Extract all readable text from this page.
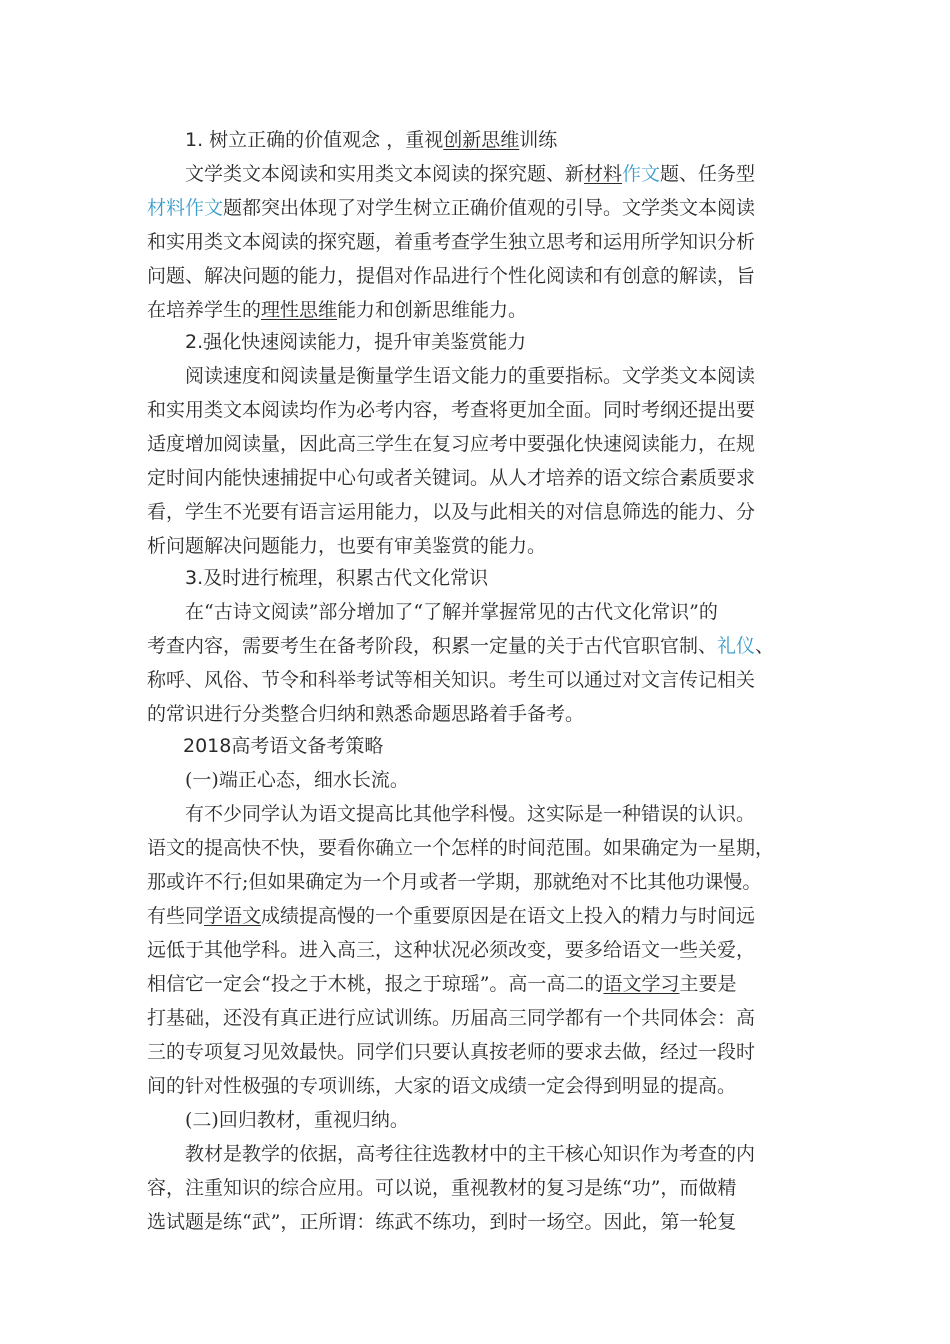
1. 树立正确的价值观念 ，重视创新思维训练
文学类文本阅读和实用类文本阅读的探究题、新材料作文题、任务型
材料作文题都突出体现了对学生树立正确价值观的引导。文学类文本阅读
和实用类文本阅读的探究题，着重考查学生独立思考和运用所学知识分析
问题、解决问题的能力，提倡对作品进行个性化阅读和有创意的解读，旨
在培养学生的理性思维能力和创新思维能力。
2.强化快速阅读能力，提升审美鉴赏能力
阅读速度和阅读量是衡量学生语文能力的重要指标。文学类文本阅读
和实用类文本阅读均作为必考内容，考查将更加全面。同时考纲还提出要
适度增加阅读量，因此高三学生在复习应考中要强化快速阅读能力，在规
定时间内能快速捕捉中心句或者关键词。从人才培养的语文综合素质要求
看，学生不光要有语言运用能力，以及与此相关的对信息筛选的能力、分
析问题解决问题能力，也要有审美鉴赏的能力。
3.及时进行梳理，积累古代文化常识
在“古诗文阅读”部分增加了“了解并掌握常见的古代文化常识”的
考查内容，需要考生在备考阶段，积累一定量的关于古代官职官制、礼仪、
称呼、风俗、节令和科举考试等相关知识。考生可以通过对文言传记相关
的常识进行分类整合归纳和熟悉命题思路着手备考。
2018高考语文备考策略
(一)端正心态，细水长流。
有不少同学认为语文提高比其他学科慢。这实际是一种错误的认识。
语文的提高快不快，要看你确立一个怎样的时间范围。如果确定为一星期，
那或许不行;但如果确定为一个月或者一学期，那就绝对不比其他功课慢。
有些同学语文成绩提高慢的一个重要原因是在语文上投入的精力与时间远
远低于其他学科。进入高三，这种状况必须改变，要多给语文一些关爱，
相信它一定会“投之于木桃，报之于琼瑶”。高一高二的语文学习主要是
打基础，还没有真正进行应试训练。历届高三同学都有一个共同体会：高
三的专项复习见效最快。同学们只要认真按老师的要求去做，经过一段时
间的针对性极强的专项训练，大家的语文成绩一定会得到明显的提高。
(二)回归教材，重视归纳。
教材是教学的依据，高考往往选教材中的主干核心知识作为考查的内
容，注重知识的综合应用。可以说，重视教材的复习是练“功”，而做精
选试题是练“武”，正所谓：练武不练功，到时一场空。因此，第一轮复
